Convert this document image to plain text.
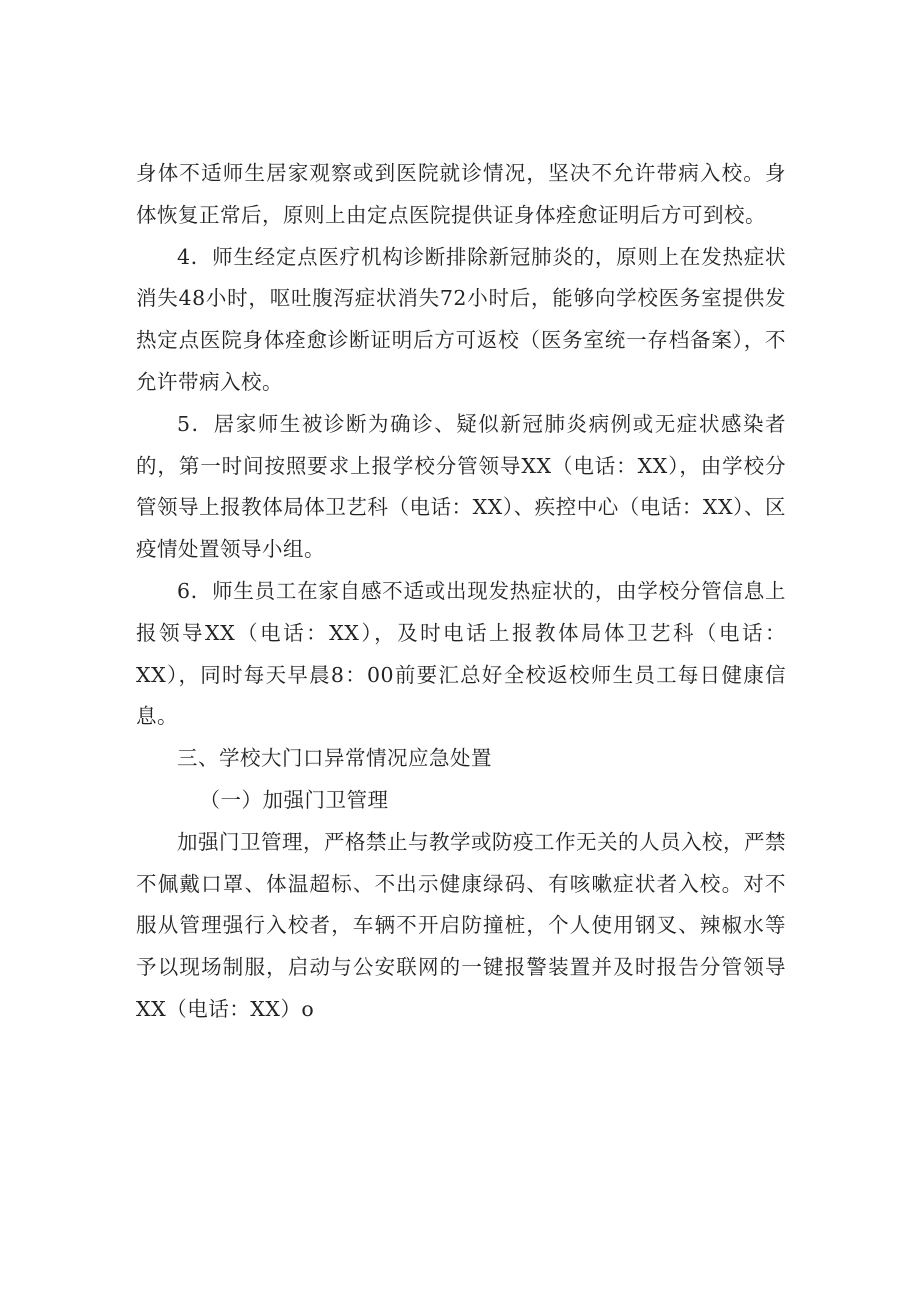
身体不适师生居家观察或到医院就诊情况，坚决不允许带病入校。身体恢复正常后，原则上由定点医院提供证身体痊愈证明后方可到校。

4．师生经定点医疗机构诊断排除新冠肺炎的，原则上在发热症状消失48小时，呕吐腹泻症状消失72小时后，能够向学校医务室提供发热定点医院身体痊愈诊断证明后方可返校（医务室统一存档备案），不允许带病入校。

5．居家师生被诊断为确诊、疑似新冠肺炎病例或无症状感染者的，第一时间按照要求上报学校分管领导XX（电话：XX），由学校分管领导上报教体局体卫艺科（电话：XX）、疾控中心（电话：XX）、区疫情处置领导小组。

6．师生员工在家自感不适或出现发热症状的，由学校分管信息上报领导XX（电话：XX），及时电话上报教体局体卫艺科（电话：XX），同时每天早晨8：00前要汇总好全校返校师生员工每日健康信息。

三、学校大门口异常情况应急处置

（一）加强门卫管理

加强门卫管理，严格禁止与教学或防疫工作无关的人员入校，严禁不佩戴口罩、体温超标、不出示健康绿码、有咳嗽症状者入校。对不服从管理强行入校者，车辆不开启防撞桩，个人使用钢叉、辣椒水等予以现场制服，启动与公安联网的一键报警装置并及时报告分管领导XX（电话：XX）o
